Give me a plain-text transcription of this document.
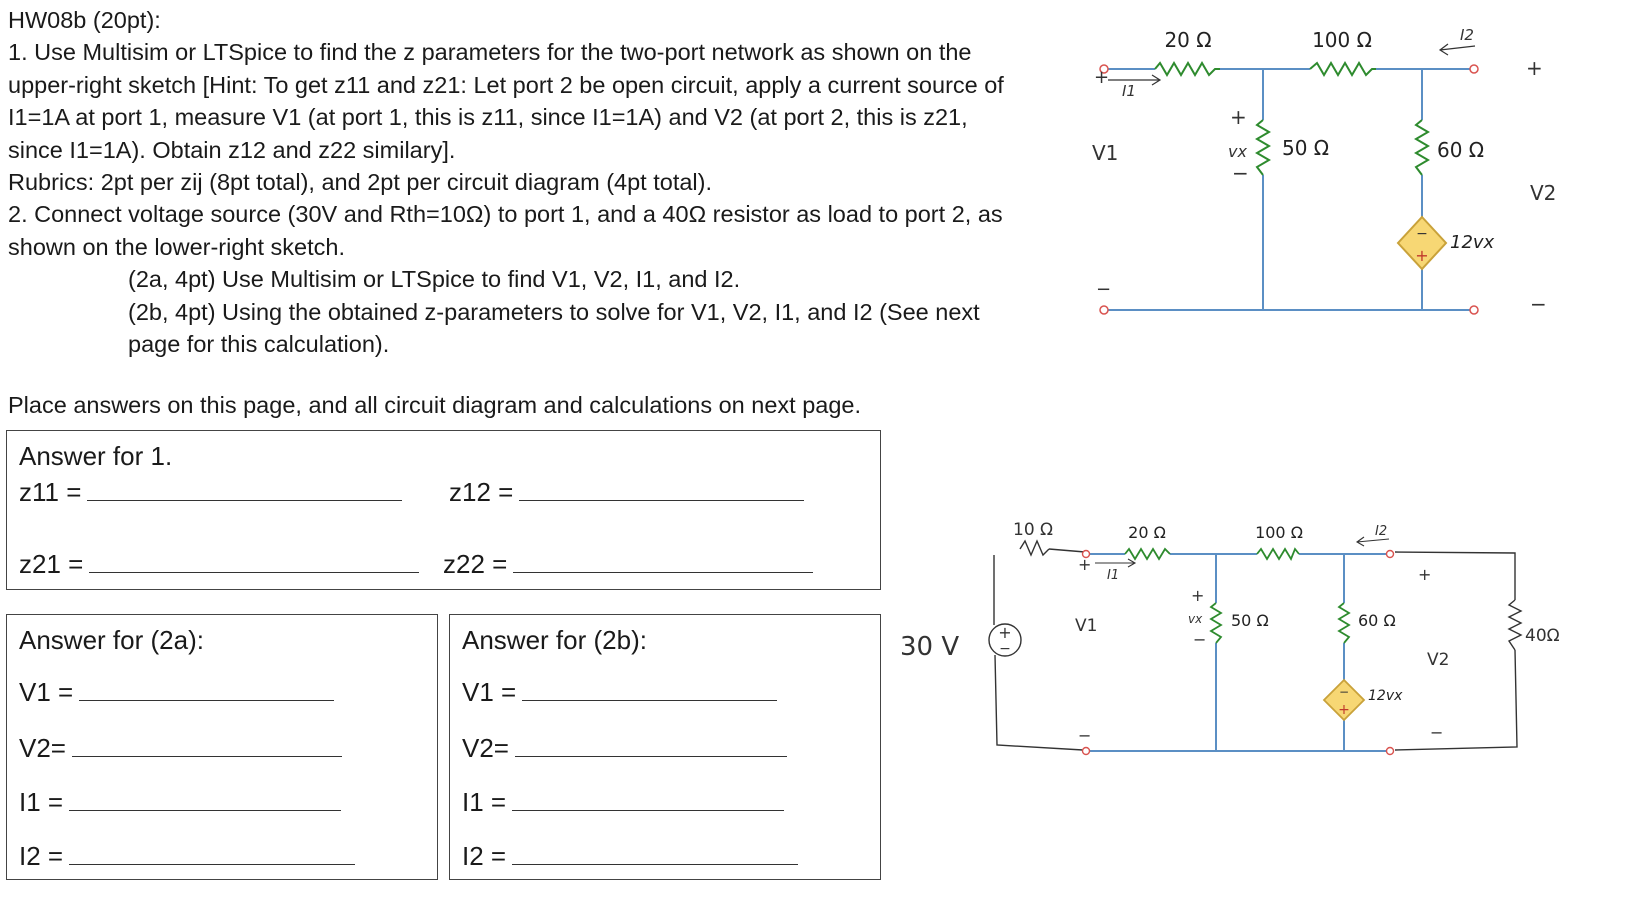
HW08b (20pt):

1. Use Multisim or LTSpice to find the z parameters for the two-port network as shown on the upper-right sketch [Hint: To get z11 and z21: Let port 2 be open circuit, apply a current source of I1=1A at port 1, measure V1 (at port 1, this is z11, since I1=1A) and V2 (at port 2, this is z21, since I1=1A). Obtain z12 and z22 similary].

Rubrics: 2pt per zij (8pt total), and 2pt per circuit diagram (4pt total).

2. Connect voltage source (30V and Rth=10Ω) to port 1, and a 40Ω resistor as load to port 2, as shown on the lower-right sketch.

(2a, 4pt) Use Multisim or LTSpice to find V1, V2, I1, and I2.

(2b, 4pt) Using the obtained z-parameters to solve for V1, V2, I1, and I2 (See next page for this calculation).

Place answers on this page, and all circuit diagram and calculations on next page.
Answer for 1.
z11 =	z12 =
z21 =	z22 =
Answer for (2a):
V1 =
V2=
I1 =
I2 =
Answer for (2b):
V1 =
V2=
I1 =
I2 =
−
+
20 Ω	100 Ω
50 Ω	60 Ω
12vx
vx
+
−
I1
I2
V1
V2
+
−
+
−
+
−
−
+
10 Ω	20 Ω	100 Ω
50 Ω	60 Ω
12vx
vx
+
−
I1
I2
V1
V2
+
−
+
−
30 V	40Ω
